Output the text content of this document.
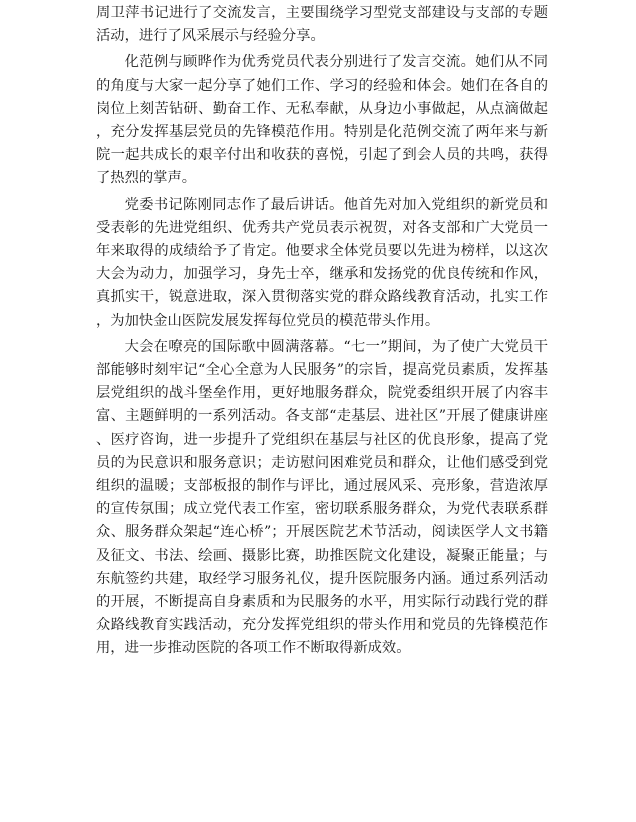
周卫萍书记进行了交流发言，主要围绕学习型党支部建设与支部的专题活动，进行了风采展示与经验分享。

化范例与顾晔作为优秀党员代表分别进行了发言交流。她们从不同的角度与大家一起分享了她们工作、学习的经验和体会。她们在各自的岗位上刻苦钻研、勤奋工作、无私奉献，从身边小事做起，从点滴做起，充分发挥基层党员的先锋模范作用。特别是化范例交流了两年来与新院一起共成长的艰辛付出和收获的喜悦，引起了到会人员的共鸣，获得了热烈的掌声。

党委书记陈刚同志作了最后讲话。他首先对加入党组织的新党员和受表彰的先进党组织、优秀共产党员表示祝贺，对各支部和广大党员一年来取得的成绩给予了肯定。他要求全体党员要以先进为榜样，以这次大会为动力，加强学习，身先士卒，继承和发扬党的优良传统和作风，真抓实干，锐意进取，深入贯彻落实党的群众路线教育活动，扎实工作，为加快金山医院发展发挥每位党员的模范带头作用。

大会在嘹亮的国际歌中圆满落幕。“七一”期间，为了使广大党员干部能够时刻牢记“全心全意为人民服务”的宗旨，提高党员素质，发挥基层党组织的战斗堡垒作用，更好地服务群众，院党委组织开展了内容丰富、主题鲜明的一系列活动。各支部“走基层、进社区”开展了健康讲座、医疗咨询，进一步提升了党组织在基层与社区的优良形象，提高了党员的为民意识和服务意识；走访慰问困难党员和群众，让他们感受到党组织的温暖；支部板报的制作与评比，通过展风采、亮形象，营造浓厚的宣传氛围；成立党代表工作室，密切联系服务群众，为党代表联系群众、服务群众架起“连心桥”；开展医院艺术节活动，阅读医学人文书籍及征文、书法、绘画、摄影比赛，助推医院文化建设，凝聚正能量；与东航签约共建，取经学习服务礼仪，提升医院服务内涵。通过系列活动的开展，不断提高自身素质和为民服务的水平，用实际行动践行党的群众路线教育实践活动，充分发挥党组织的带头作用和党员的先锋模范作用，进一步推动医院的各项工作不断取得新成效。
